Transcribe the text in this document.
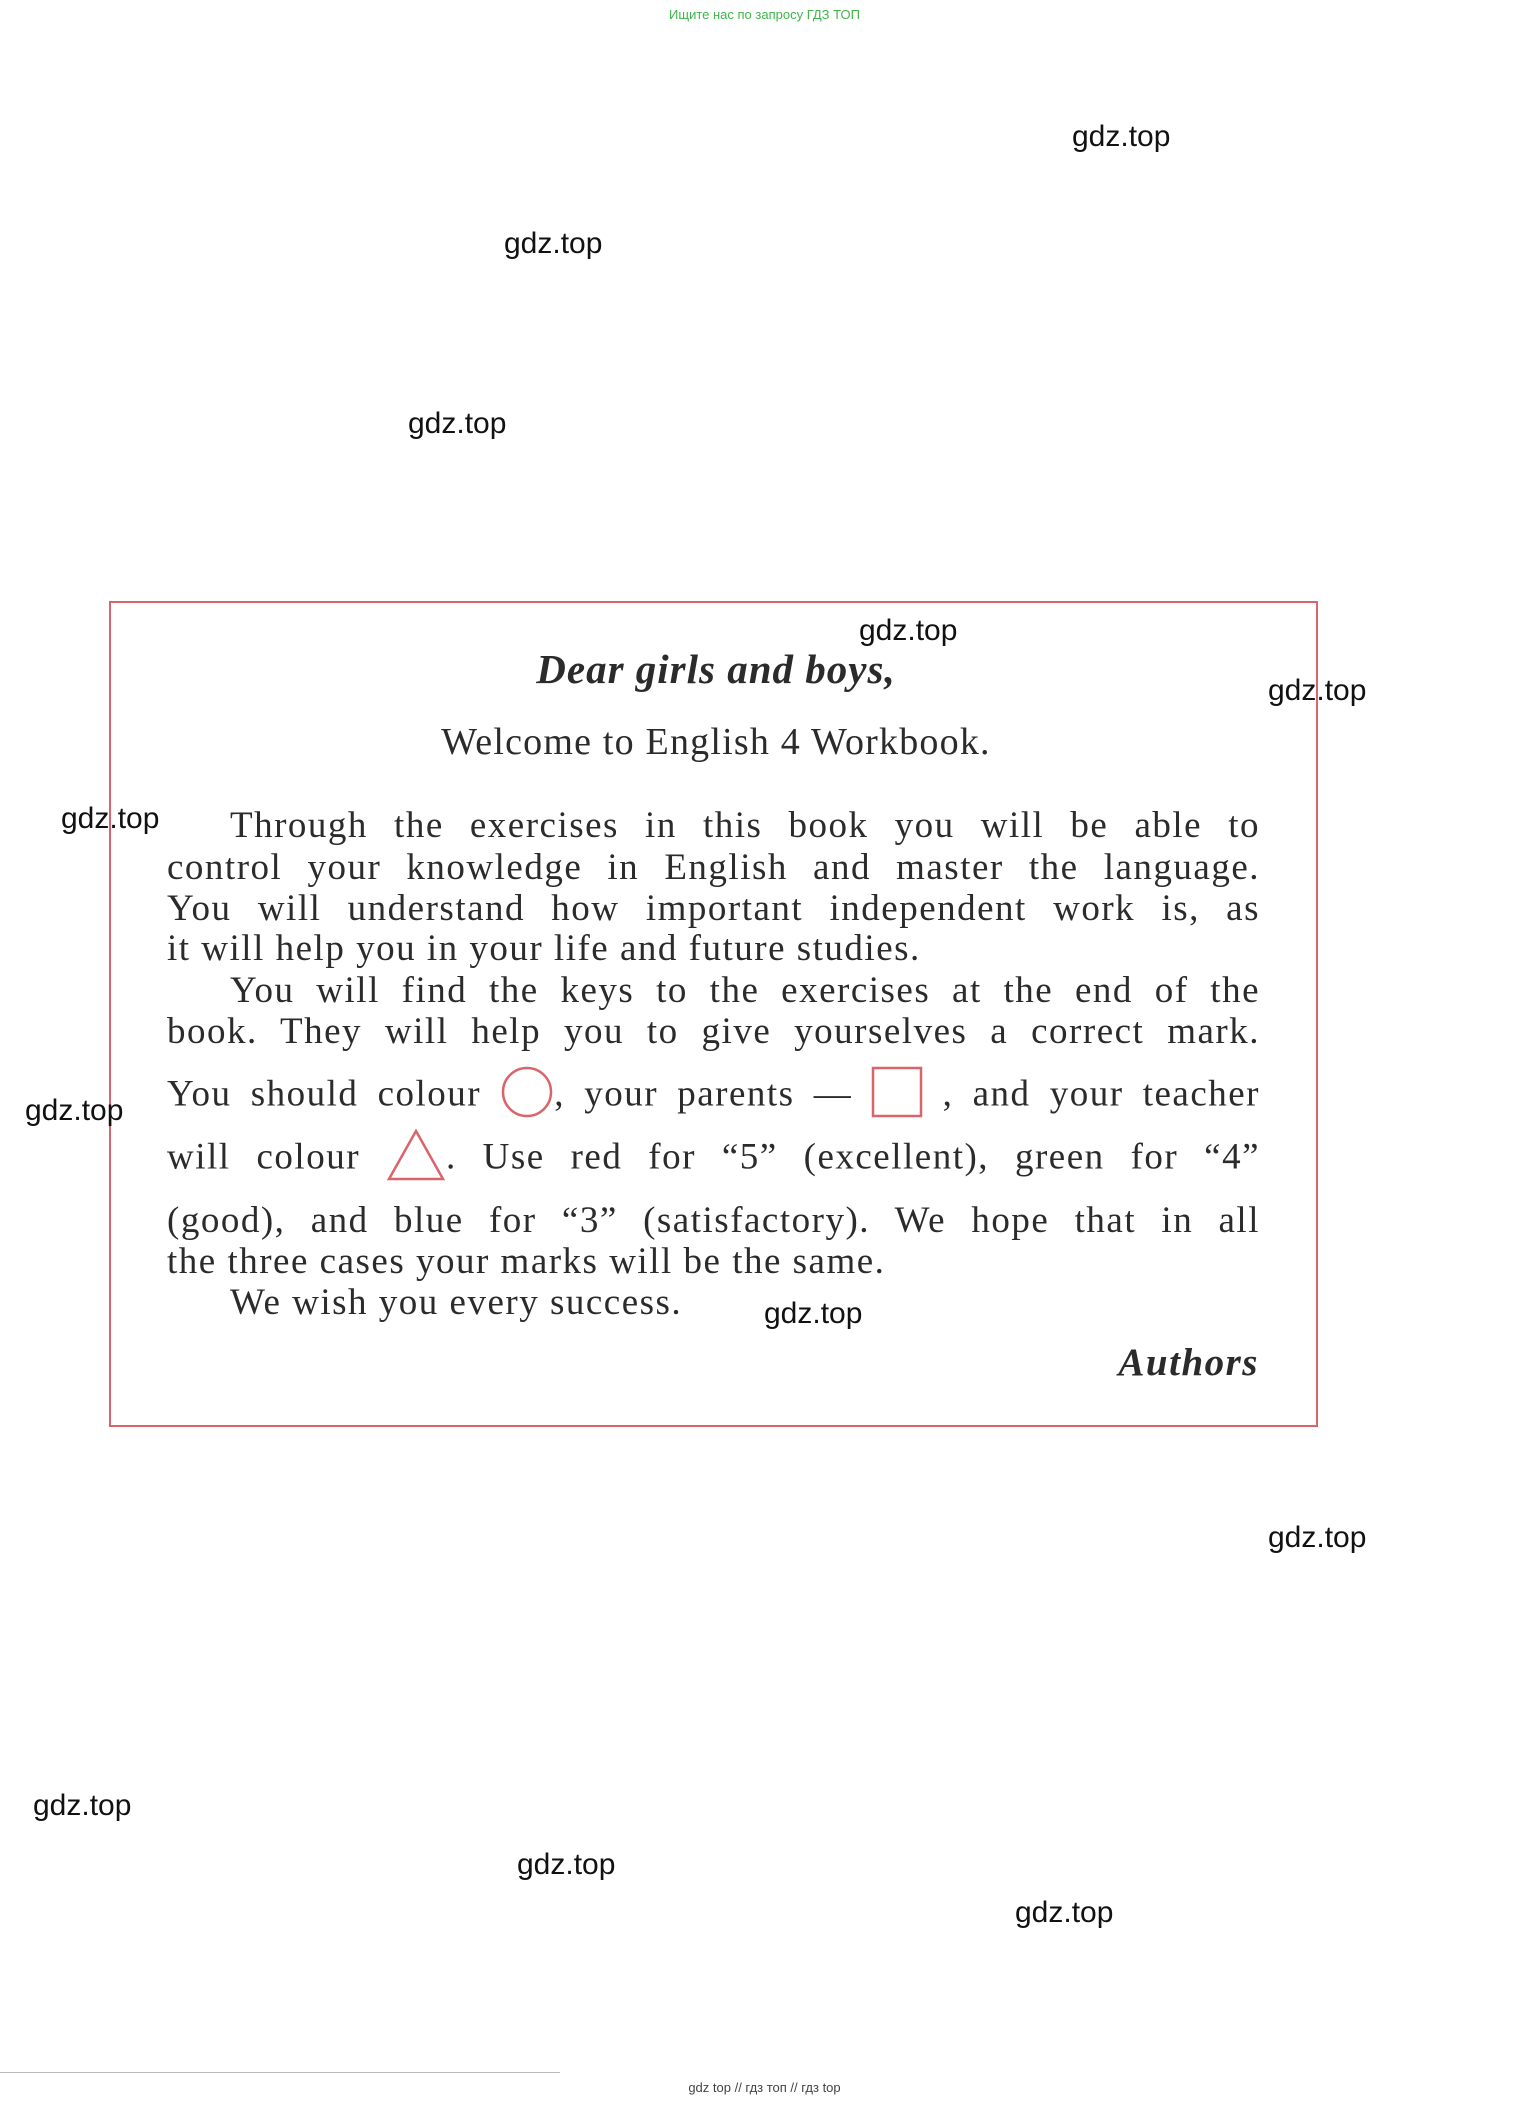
Ищите нас по запросу ГДЗ ТОП
Dear girls and boys,
Welcome to English 4 Workbook.
Through the exercises in this book you will be able to
control your knowledge in English and master the language.
You will understand how important independent work is, as
it will help you in your life and future studies.
You will find the keys to the exercises at the end of the
book. They will help you to give yourselves a correct mark.
You should colour , your parents — , and your teacher
will colour . Use red for “5” (excellent), green for “4”
(good), and blue for “3” (satisfactory). We hope that in all
the three cases your marks will be the same.
We wish you every success.
Authors
gdz.top
gdz.top
gdz.top
gdz.top
gdz.top
gdz.top
gdz.top
gdz.top
gdz.top
gdz.top
gdz.top
gdz.top
gdz top // гдз топ // гдз top
